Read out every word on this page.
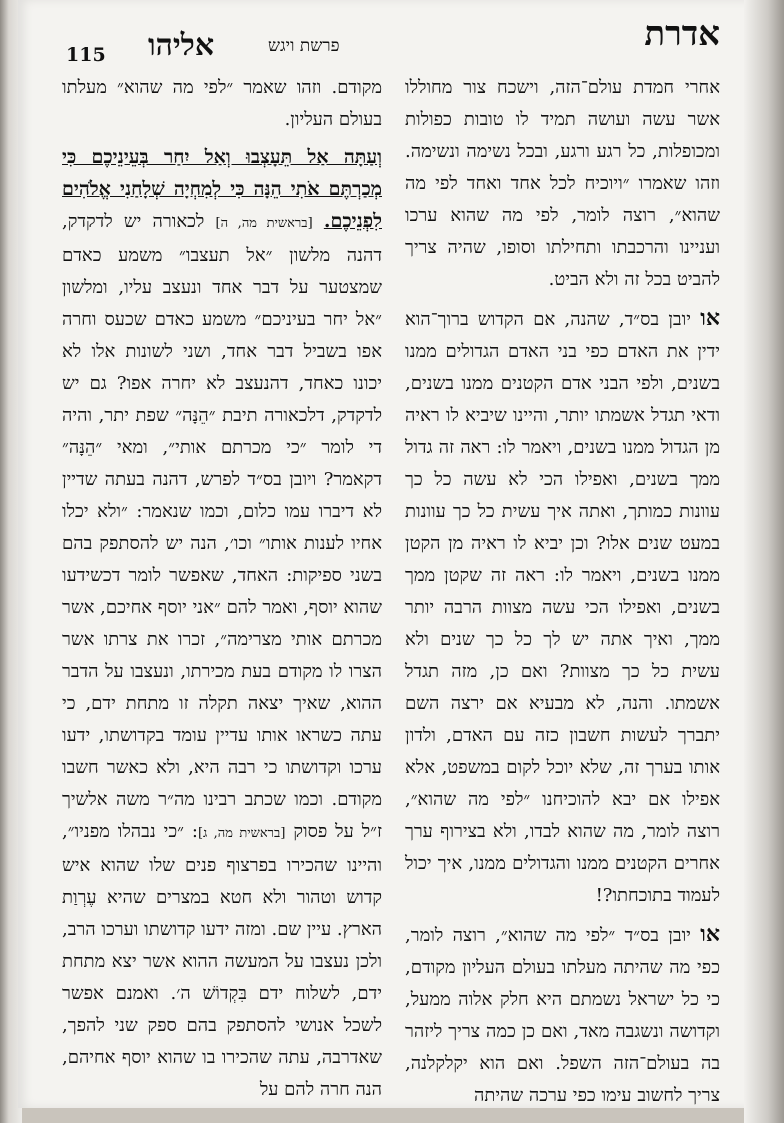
אדרת
פרשת ויגש
אליהו
115

אחרי חמדת עולם־הזה, וישכח צור מחוללו אשר עשה ועושה תמיד לו טובות כפולות ומכופלות, כל רגע ורגע, ובכל נשימה ונשימה. וזהו שאמרו ״ויוכיח לכל אחד ואחד לפי מה שהוא״, רוצה לומר, לפי מה שהוא ערכו ועניינו והרכבתו ותחילתו וסופו, שהיה צריך להביט בכל זה ולא הביט.

או יובן בס״ד, שהנה, אם הקדוש ברוך־הוא ידין את האדם כפי בני האדם הגדולים ממנו בשנים, ולפי הבני אדם הקטנים ממנו בשנים, ודאי תגדל אשמתו יותר, והיינו שיביא לו ראיה מן הגדול ממנו בשנים, ויאמר לו: ראה זה גדול ממך בשנים, ואפילו הכי לא עשה כל כך עוונות כמותך, ואתה איך עשית כל כך עוונות במעט שנים אלו? וכן יביא לו ראיה מן הקטן ממנו בשנים, ויאמר לו: ראה זה שקטן ממך בשנים, ואפילו הכי עשה מצוות הרבה יותר ממך, ואיך אתה יש לך כל כך שנים ולא עשית כל כך מצוות? ואם כן, מזה תגדל אשמתו. והנה, לא מבעיא אם ירצה השם יתברך לעשות חשבון כזה עם האדם, ולדון אותו בערך זה, שלא יוכל לקום במשפט, אלא אפילו אם יבא להוכיחנו ״לפי מה שהוא״, רוצה לומר, מה שהוא לבדו, ולא בצירוף ערך אחרים הקטנים ממנו והגדולים ממנו, איך יכול לעמוד בתוכחתו?!

או יובן בס״ד ״לפי מה שהוא״, רוצה לומר, כפי מה שהיתה מעלתו בעולם העליון מקודם, כי כל ישראל נשמתם היא חלק אלוה ממעל, וקדושה ונשגבה מאד, ואם כן כמה צריך ליזהר בה בעולם־הזה השפל. ואם הוא יקלקלנה, צריך לחשוב עימו כפי ערכה שהיתה

מקודם. וזהו שאמר ״לפי מה שהוא״ מעלתו בעולם העליון.

וְעַתָּה אַל תֵּעָצְבוּ וְאַל יִחַר בְּעֵינֵיכֶם כִּי מְכַרְתֶּם אֹתִי הֵנָּה כִּי לְמִחְיָה שְׁלָחַנִי אֱלֹהִים לִפְנֵיכֶם. [בראשית מה, ה] לכאורה יש לדקדק, דהנה מלשון ״אל תעצבו״ משמע כאדם שמצטער על דבר אחד ונעצב עליו, ומלשון ״אל יחר בעיניכם״ משמע כאדם שכעס וחרה אפו בשביל דבר אחד, ושני לשונות אלו לא יכונו כאחד, דהנעצב לא יחרה אפו? גם יש לדקדק, דלכאורה תיבת ״הֵנָּה״ שפת יתר, והיה די לומר ״כי מכרתם אותי״, ומאי ״הֵנָּה״ דקאמר? ויובן בס״ד לפרש, דהנה בעתה שדיין לא דיברו עמו כלום, וכמו שנאמר: ״ולא יכלו אחיו לענות אותו״ וכו׳, הנה יש להסתפק בהם בשני ספיקות: האחד, שאפשר לומר דכשידעו שהוא יוסף, ואמר להם ״אני יוסף אחיכם, אשר מכרתם אותי מצרימה״, זכרו את צרתו אשר הצרו לו מקודם בעת מכירתו, ונעצבו על הדבר ההוא, שאיך יצאה תקלה זו מתחת ידם, כי עתה כשראו אותו עדיין עומד בקדושתו, ידעו ערכו וקדושתו כי רבה היא, ולא כאשר חשבו מקודם. וכמו שכתב רבינו מה״ר משה אלשיך ז״ל על פסוק [בראשית מה, ג]: ״כי נבהלו מפניו״, והיינו שהכירו בפרצוף פנים שלו שהוא איש קדוש וטהור ולא חטא במצרים שהיא עֶרְוַת הארץ. עיין שם. ומזה ידעו קדושתו וערכו הרב, ולכן נעצבו על המעשה ההוא אשר יצא מתחת ידם, לשלוח ידם בִּקְדוֹשׁ ה׳. ואמנם אפשר לשכל אנושי להסתפק בהם ספק שני להפך, שאדרבה, עתה שהכירו בו שהוא יוסף אחיהם, הנה חרה להם על
